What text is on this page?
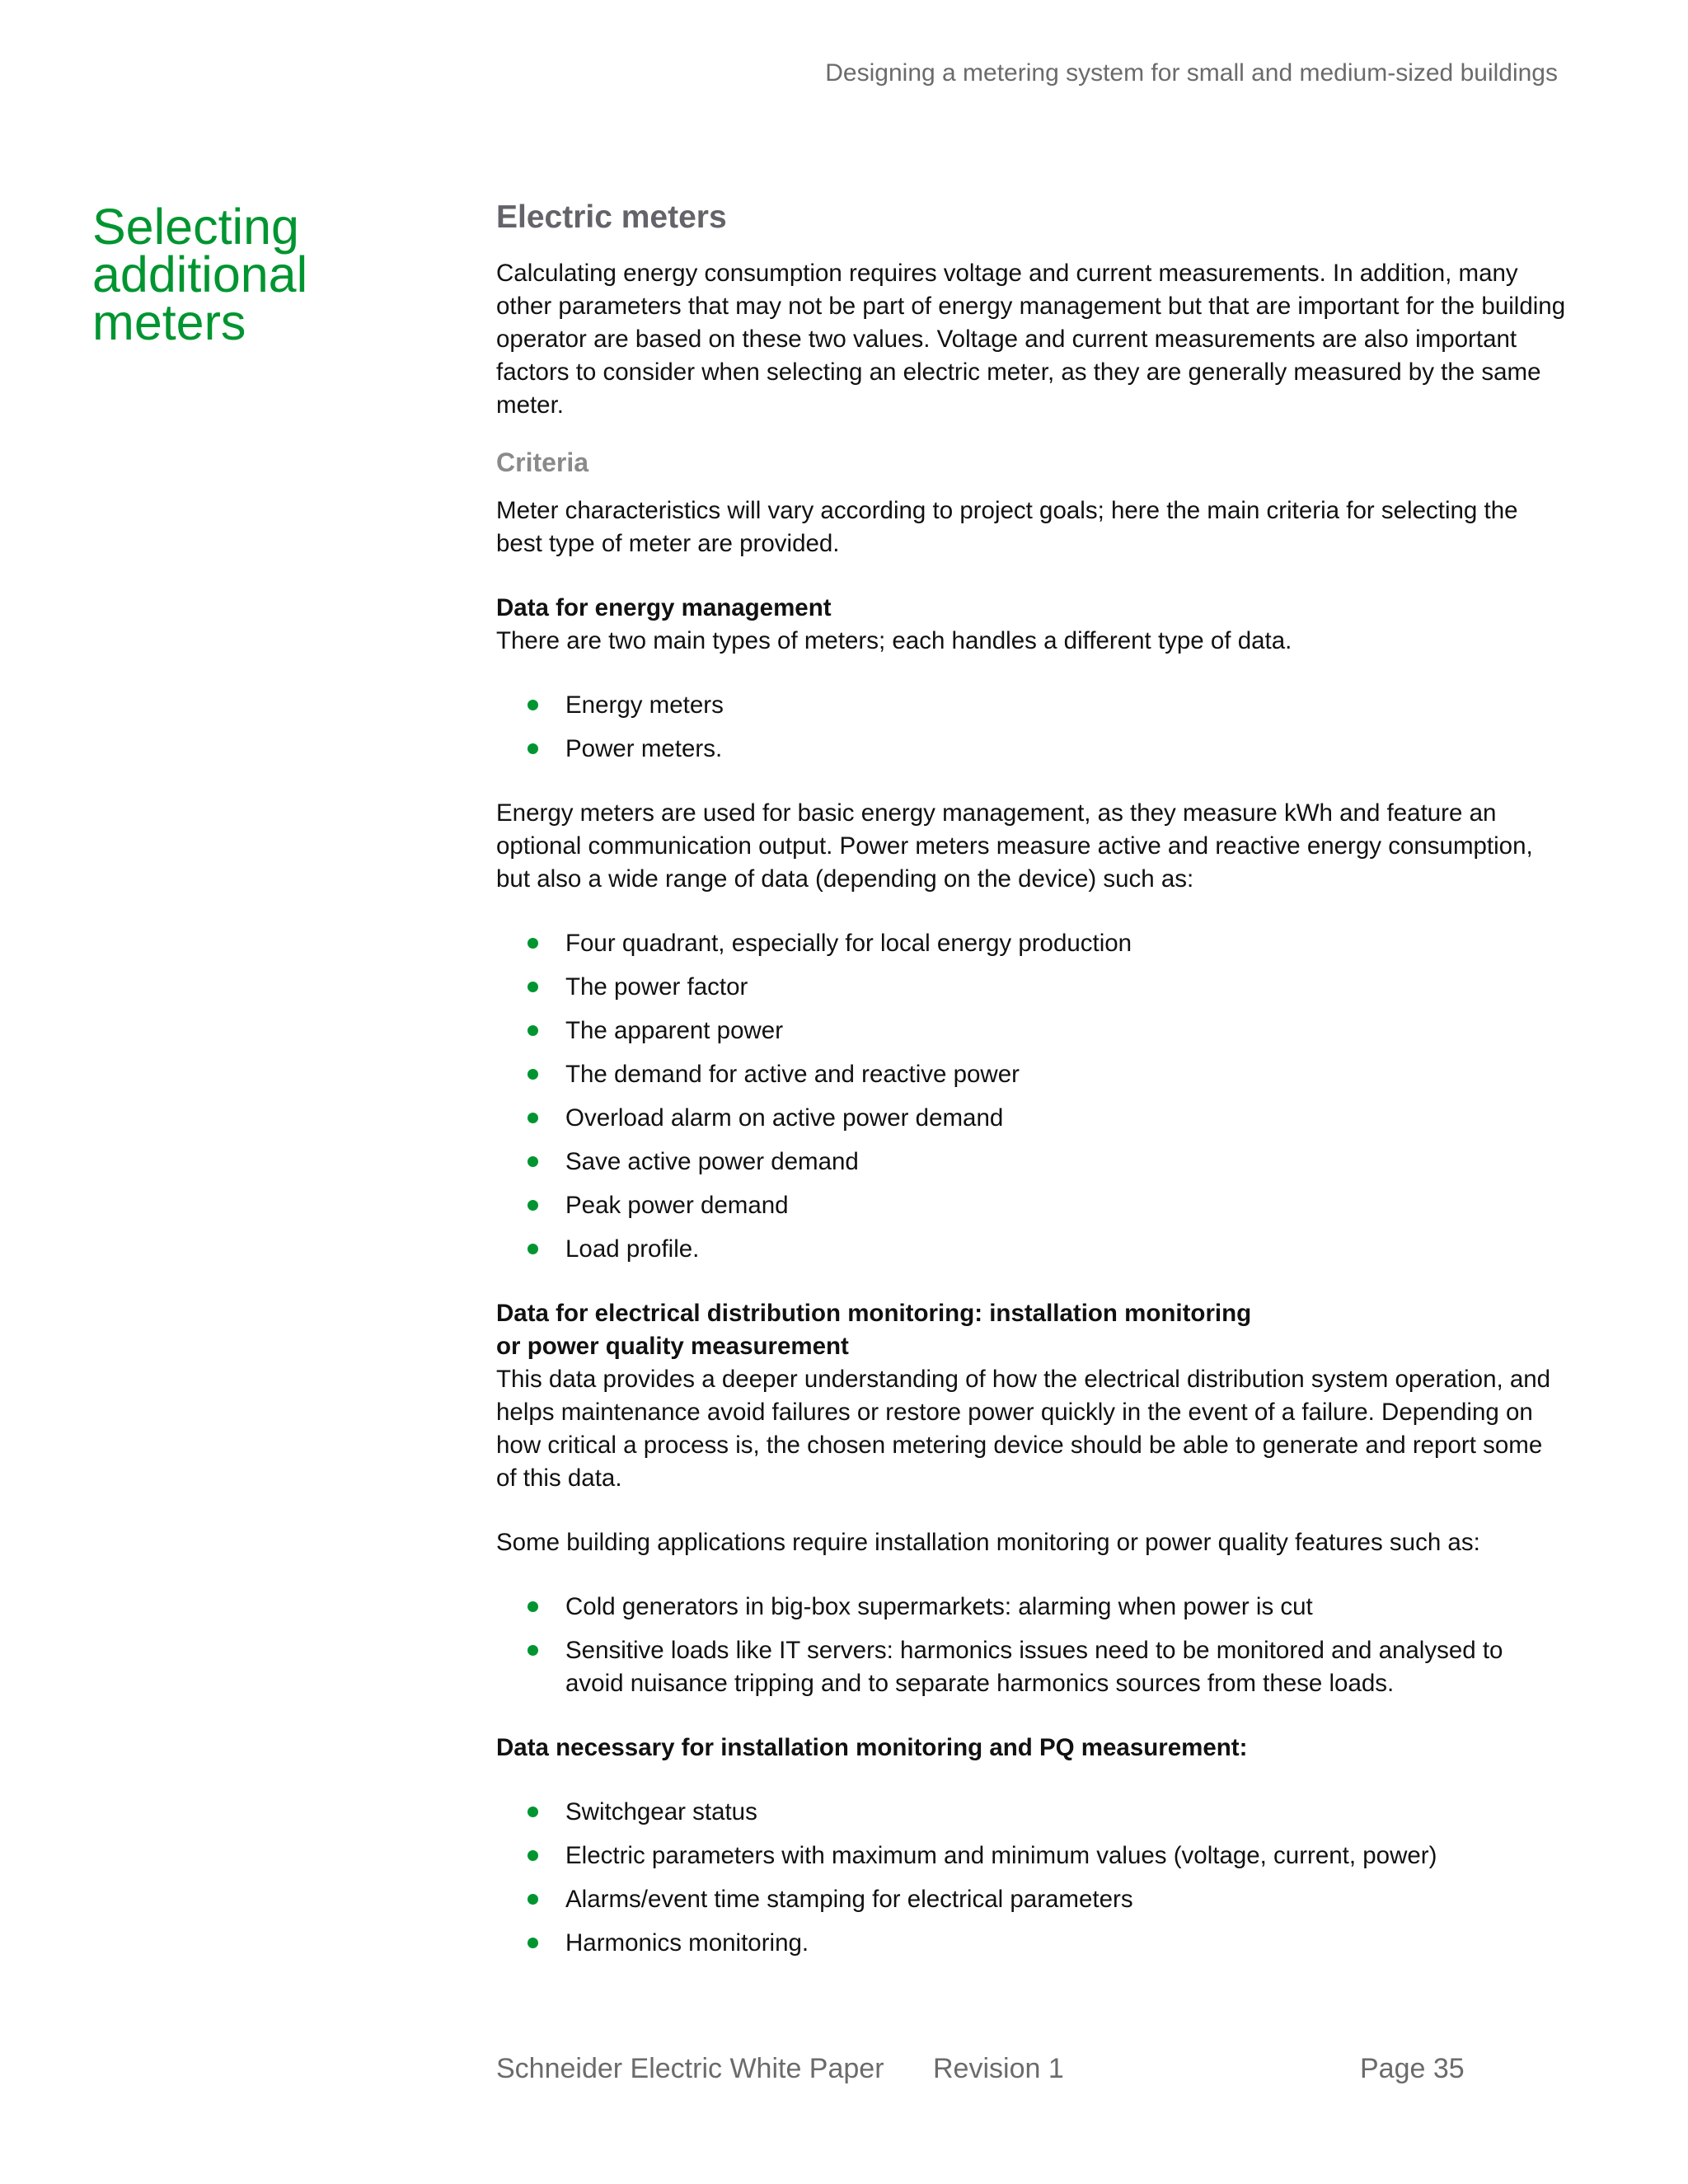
Designing a metering system for small and medium-sized buildings
Selecting
additional
meters
Electric meters

Calculating energy consumption requires voltage and current measurements. In addition, many other parameters that may not be part of energy management but that are important for the building operator are based on these two values. Voltage and current measurements are also important factors to consider when selecting an electric meter, as they are generally measured by the same meter.

Criteria

Meter characteristics will vary according to project goals; here the main criteria for selecting the best type of meter are provided.

Data for energy management

There are two main types of meters; each handles a different type of data.

Energy meters
Power meters.

Energy meters are used for basic energy management, as they measure kWh and feature an optional communication output. Power meters measure active and reactive energy consumption, but also a wide range of data (depending on the device) such as:

Four quadrant, especially for local energy production
The power factor
The apparent power
The demand for active and reactive power
Overload alarm on active power demand
Save active power demand
Peak power demand
Load profile.
Data for electrical distribution monitoring: installation monitoring
or power quality measurement

This data provides a deeper understanding of how the electrical distribution system operation, and helps maintenance avoid failures or restore power quickly in the event of a failure. Depending on how critical a process is, the chosen metering device should be able to generate and report some of this data.

Some building applications require installation monitoring or power quality features such as:

Cold generators in big-box supermarkets: alarming when power is cut
Sensitive loads like IT servers: harmonics issues need to be monitored and analysed to avoid nuisance tripping and to separate harmonics sources from these loads.
Data necessary for installation monitoring and PQ measurement:
Switchgear status
Electric parameters with maximum and minimum values (voltage, current, power)
Alarms/event time stamping for electrical parameters
Harmonics monitoring.
Schneider Electric White Paper Revision 1	Page 35
